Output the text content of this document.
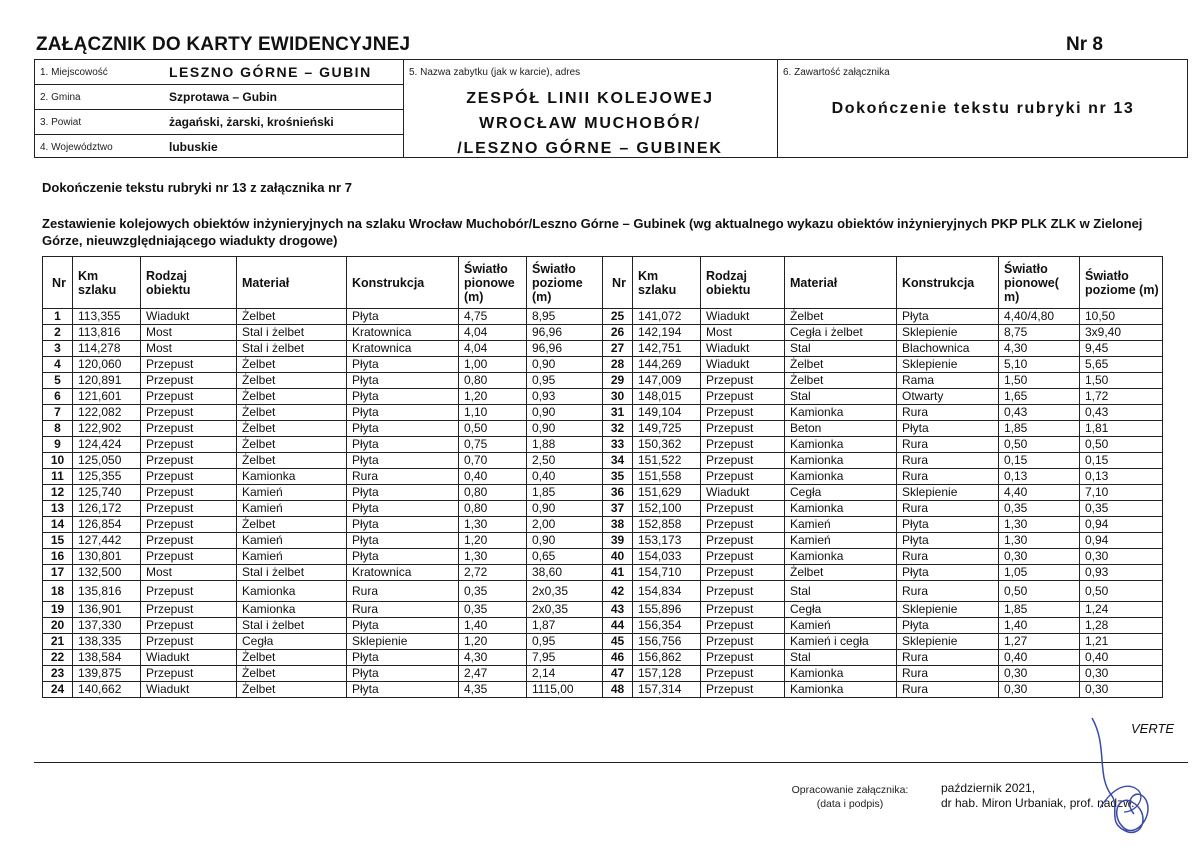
ZAŁĄCZNIK DO KARTY EWIDENCYJNEJ	Nr 8
1. Miejscowość	LESZNO GÓRNE – GUBIN
2. Gmina	Szprotawa – Gubin
3. Powiat	żagański, żarski, krośnieński
4. Województwo	lubuskie
5. Nazwa zabytku (jak w karcie), adres
ZESPÓŁ LINII KOLEJOWEJ
WROCŁAW MUCHOBÓR/
/LESZNO GÓRNE – GUBINEK
6. Zawartość załącznika
Dokończenie tekstu rubryki nr 13
Dokończenie tekstu rubryki nr 13 z załącznika nr 7
Zestawienie kolejowych obiektów inżynieryjnych na szlaku Wrocław Muchobór/Leszno Górne – Gubinek (wg aktualnego wykazu obiektów inżynieryjnych PKP PLK ZLK w Zielonej Górze, nieuwzględniającego wiadukty drogowe)
Nr	Km szlaku	Rodzaj obiektu	Materiał	Konstrukcja	Światło pionowe (m)	Światło poziome (m)	Nr	Km szlaku	Rodzaj obiektu	Materiał	Konstrukcja	Światło pionowe( m)	Światło poziome (m)
1	113,355	Wiadukt	Żelbet	Płyta	4,75	8,95	25	141,072	Wiadukt	Żelbet	Płyta	4,40/4,80	10,50
2	113,816	Most	Stal i żelbet	Kratownica	4,04	96,96	26	142,194	Most	Cegła i żelbet	Sklepienie	8,75	3x9,40
3	114,278	Most	Stal i żelbet	Kratownica	4,04	96,96	27	142,751	Wiadukt	Stal	Blachownica	4,30	9,45
4	120,060	Przepust	Żelbet	Płyta	1,00	0,90	28	144,269	Wiadukt	Żelbet	Sklepienie	5,10	5,65
5	120,891	Przepust	Żelbet	Płyta	0,80	0,95	29	147,009	Przepust	Żelbet	Rama	1,50	1,50
6	121,601	Przepust	Żelbet	Płyta	1,20	0,93	30	148,015	Przepust	Stal	Otwarty	1,65	1,72
7	122,082	Przepust	Żelbet	Płyta	1,10	0,90	31	149,104	Przepust	Kamionka	Rura	0,43	0,43
8	122,902	Przepust	Żelbet	Płyta	0,50	0,90	32	149,725	Przepust	Beton	Płyta	1,85	1,81
9	124,424	Przepust	Żelbet	Płyta	0,75	1,88	33	150,362	Przepust	Kamionka	Rura	0,50	0,50
10	125,050	Przepust	Żelbet	Płyta	0,70	2,50	34	151,522	Przepust	Kamionka	Rura	0,15	0,15
11	125,355	Przepust	Kamionka	Rura	0,40	0,40	35	151,558	Przepust	Kamionka	Rura	0,13	0,13
12	125,740	Przepust	Kamień	Płyta	0,80	1,85	36	151,629	Wiadukt	Cegła	Sklepienie	4,40	7,10
13	126,172	Przepust	Kamień	Płyta	0,80	0,90	37	152,100	Przepust	Kamionka	Rura	0,35	0,35
14	126,854	Przepust	Żelbet	Płyta	1,30	2,00	38	152,858	Przepust	Kamień	Płyta	1,30	0,94
15	127,442	Przepust	Kamień	Płyta	1,20	0,90	39	153,173	Przepust	Kamień	Płyta	1,30	0,94
16	130,801	Przepust	Kamień	Płyta	1,30	0,65	40	154,033	Przepust	Kamionka	Rura	0,30	0,30
17	132,500	Most	Stal i żelbet	Kratownica	2,72	38,60	41	154,710	Przepust	Żelbet	Płyta	1,05	0,93
18	135,816	Przepust	Kamionka	Rura	0,35	2x0,35	42	154,834	Przepust	Stal	Rura	0,50	0,50
19	136,901	Przepust	Kamionka	Rura	0,35	2x0,35	43	155,896	Przepust	Cegła	Sklepienie	1,85	1,24
20	137,330	Przepust	Stal i żelbet	Płyta	1,40	1,87	44	156,354	Przepust	Kamień	Płyta	1,40	1,28
21	138,335	Przepust	Cegła	Sklepienie	1,20	0,95	45	156,756	Przepust	Kamień i cegła	Sklepienie	1,27	1,21
22	138,584	Wiadukt	Żelbet	Płyta	4,30	7,95	46	156,862	Przepust	Stal	Rura	0,40	0,40
23	139,875	Przepust	Żelbet	Płyta	2,47	2,14	47	157,128	Przepust	Kamionka	Rura	0,30	0,30
24	140,662	Wiadukt	Żelbet	Płyta	4,35	1115,00	48	157,314	Przepust	Kamionka	Rura	0,30	0,30
VERTE
Opracowanie załącznika:
(data i podpis)
październik 2021,
dr hab. Miron Urbaniak, prof. nadzw.
